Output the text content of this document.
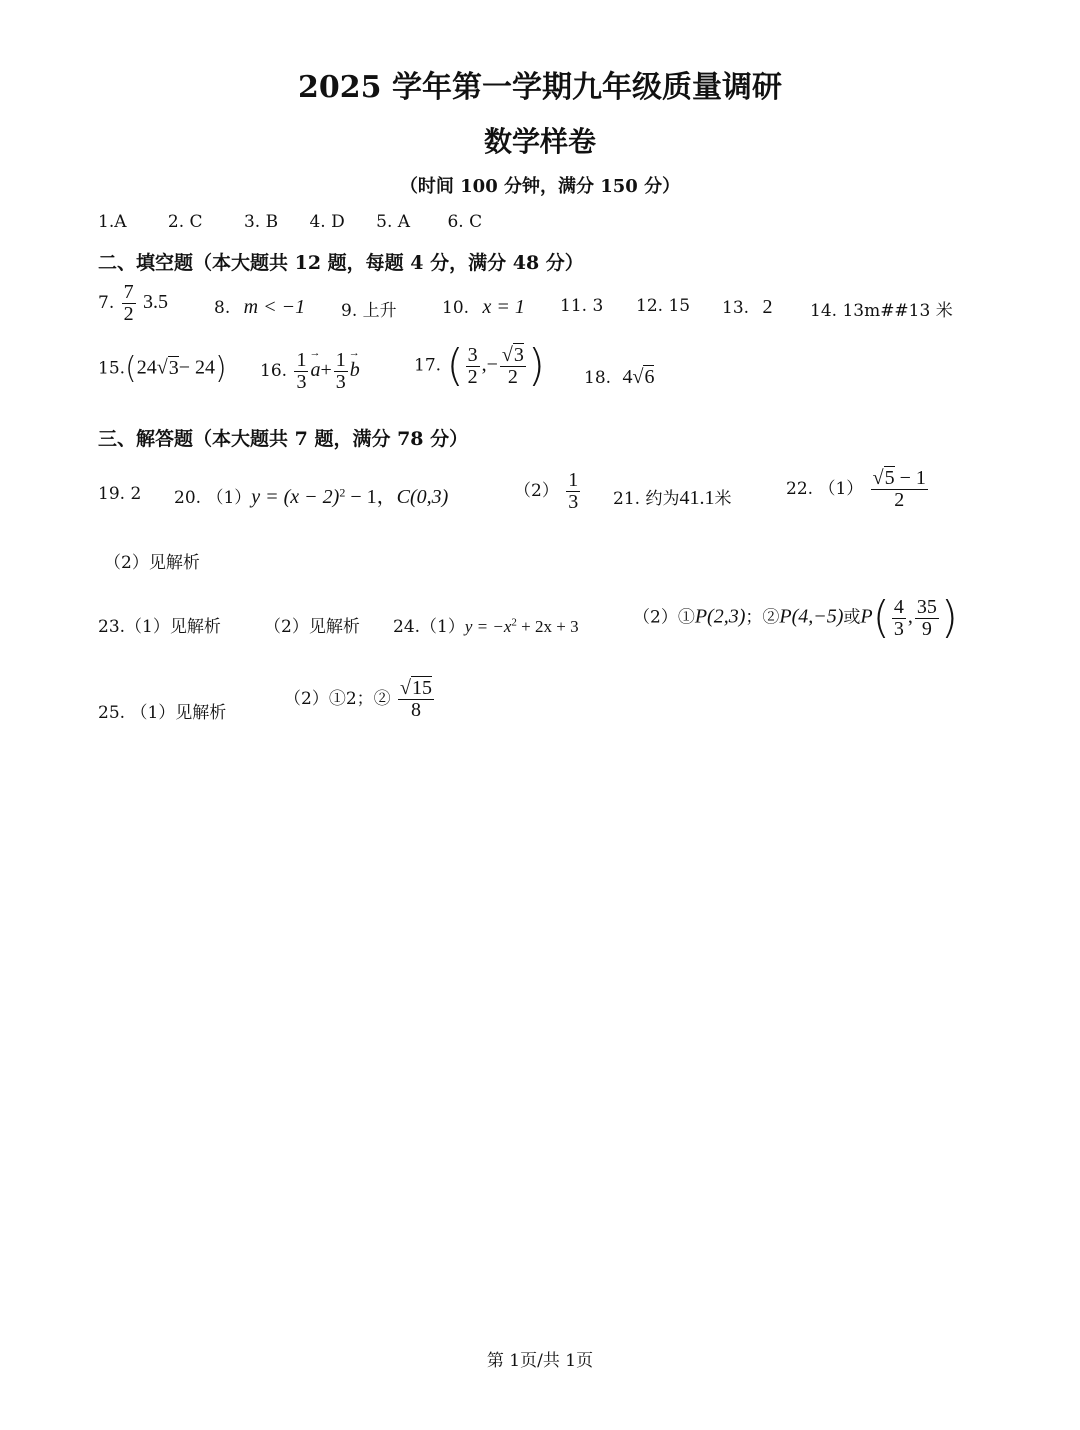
2025 学年第一学期九年级质量调研
数学样卷
（时间 100 分钟，满分 150 分）
1.A 2. C 3. B 4. D 5. A 6. C
二、填空题（本大题共 12 题，每题 4 分，满分 48 分）
7. $\frac{7}{2} 3.5$	8. m < −1 9. 上升	10. x = 1 11. 3 12. 15 13. 2 14. 13m##13 米
15.(24√3− 24) 16. $\frac{1}{3}$
→ $a+ \frac{1}{3}$
→ b	17. ( $\frac{3}{2}$ ,− $\frac{√3}{2}$ ) 18. 4√6
三、解答题（本大题共 7 题，满分 78 分）
19. 2 20. $(1)y = (x - 2)^2 - 1$，C(0,3)	$(2) \frac{1}{3} 21$. 约为41.1米	22. $(1) \frac{√5 - 1}{2}$
（2）见解析
23.（1）见解析	（2）见解析 $24.(1)y = -x^2 + 2x + 3$	（2）①P(2,3)；②P(4,−5)或$P( \frac{4}{3}$ , $\frac{35}{9}$ )
25. （1）见解析
（2）①2；② $\frac{√15}{8}$
第 1页/共 1页
